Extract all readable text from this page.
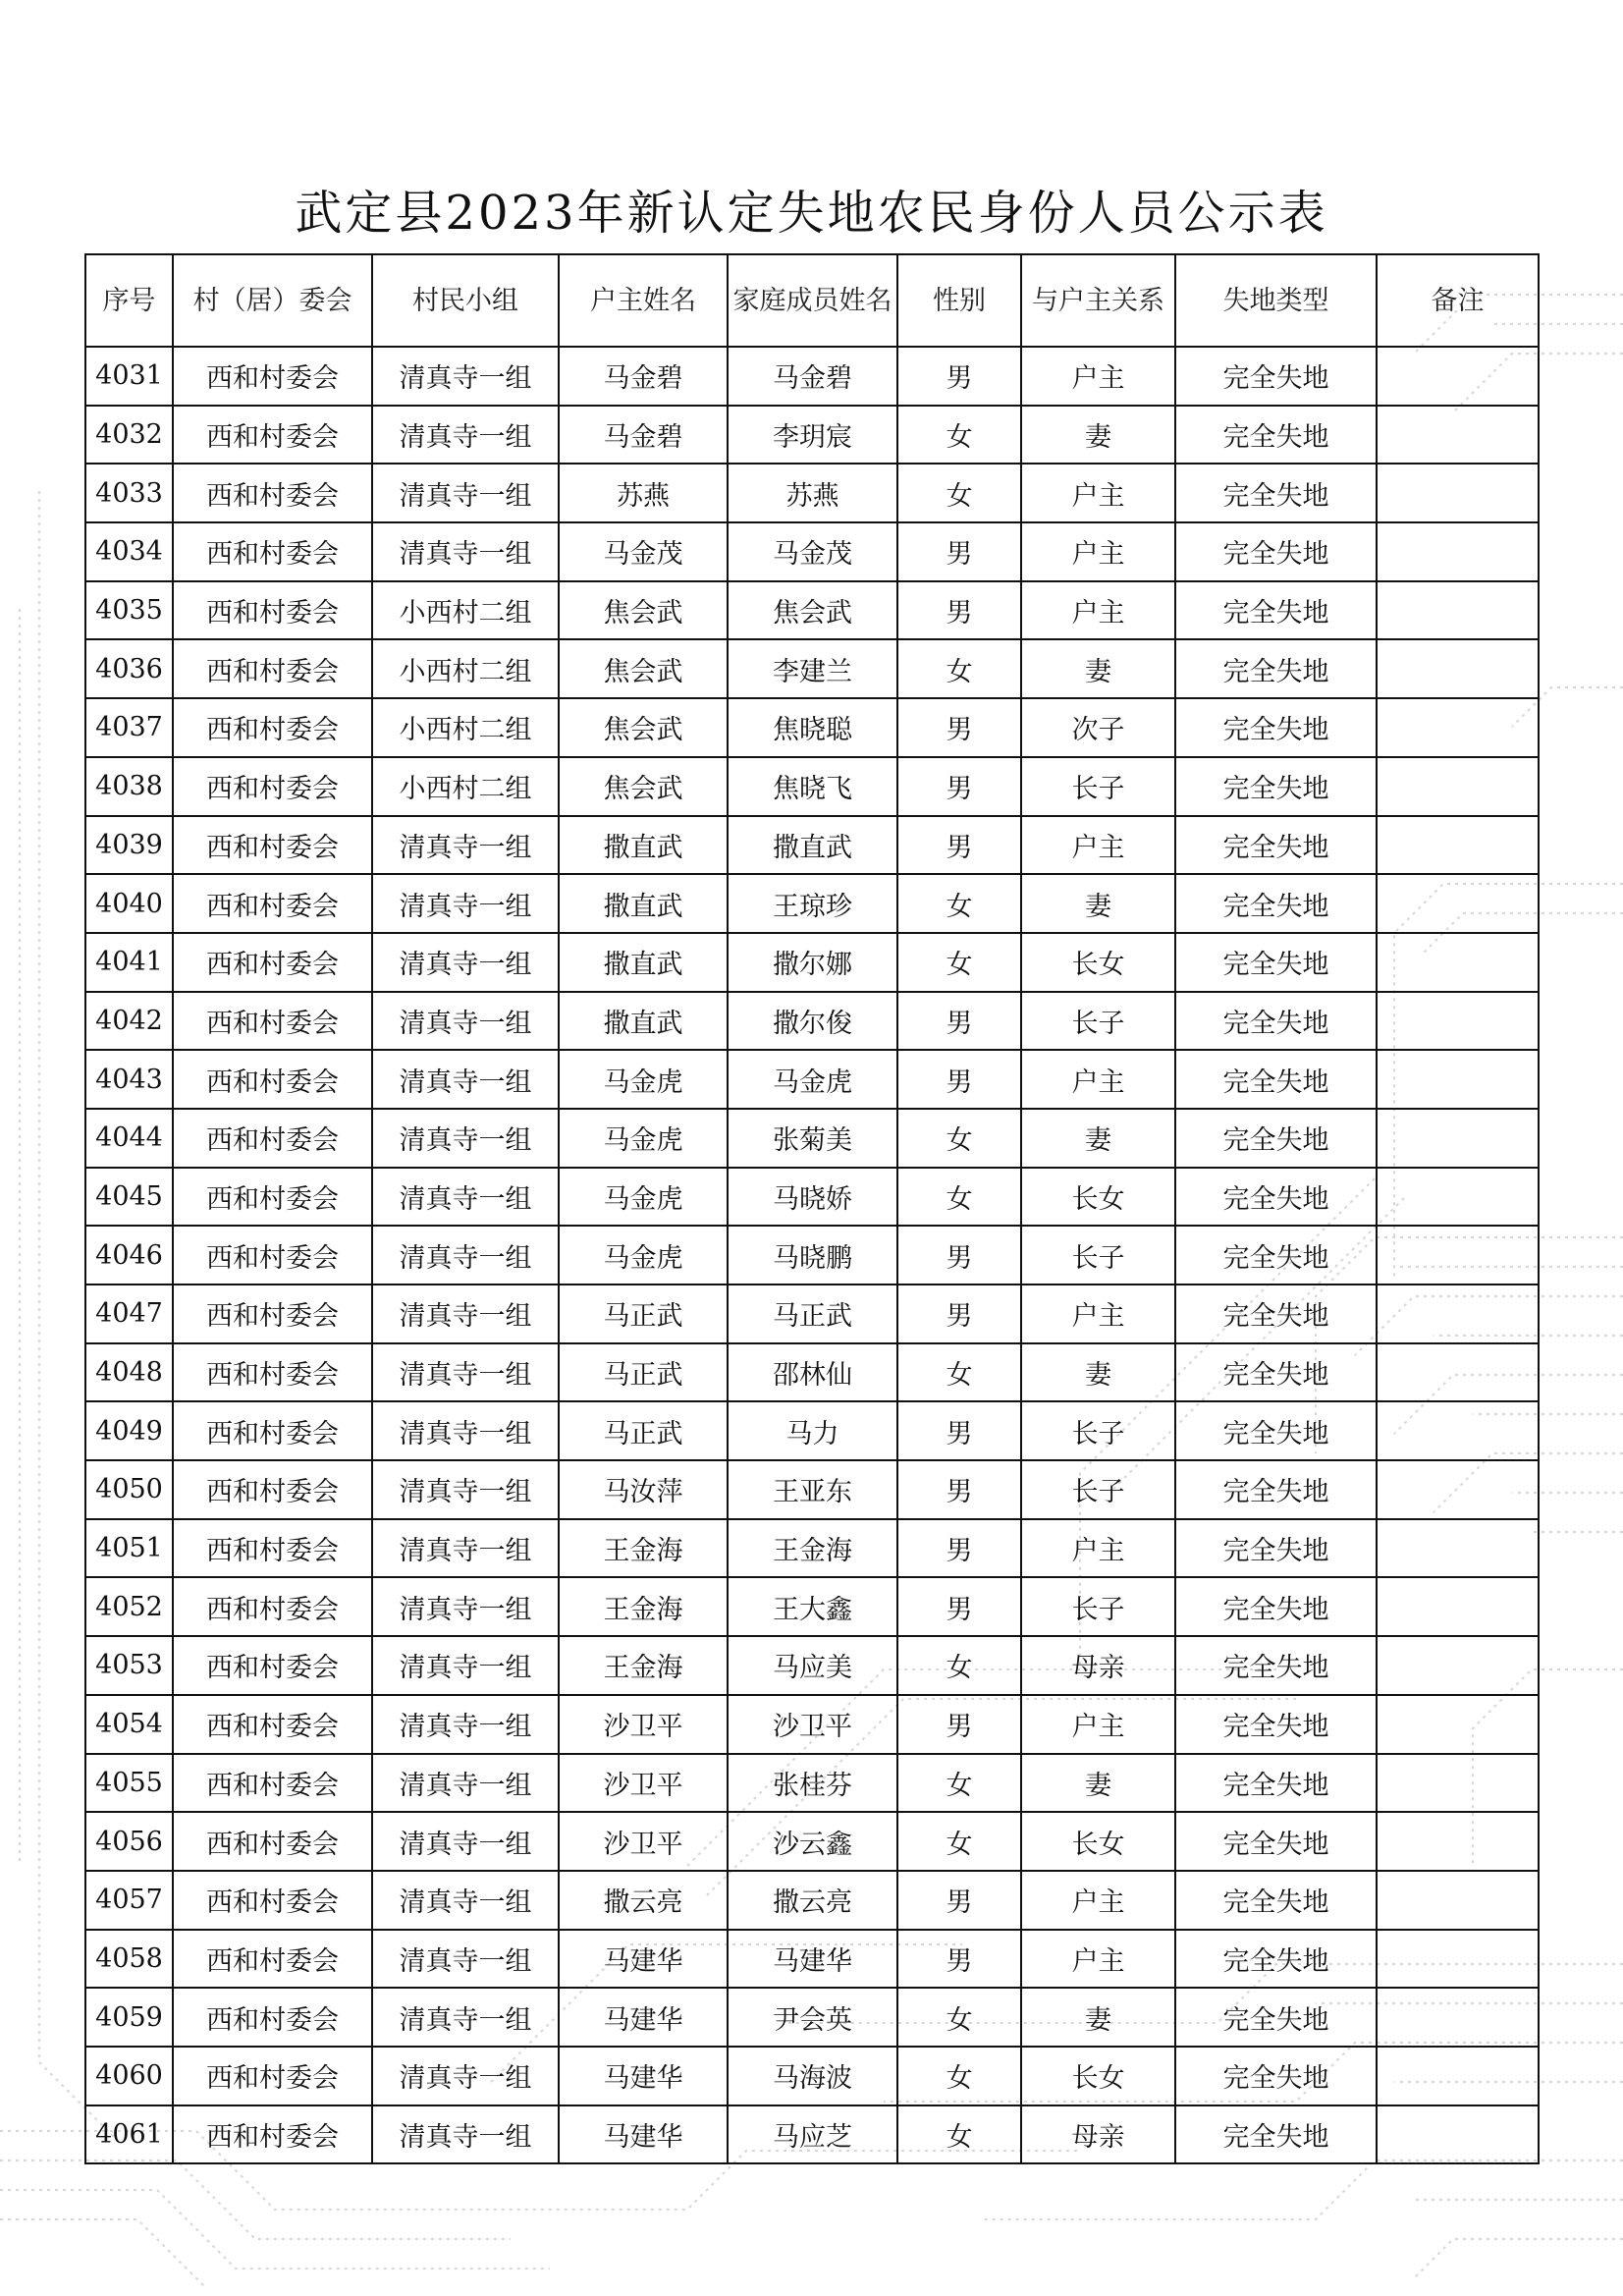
武定县2023年新认定失地农民身份人员公示表
序号	村（居）委会	村民小组	户主姓名	家庭成员姓名	性别	与户主关系	失地类型	备注
4031	西和村委会	清真寺一组	马金碧	马金碧	男	户主	完全失地	
4032	西和村委会	清真寺一组	马金碧	李玥宸	女	妻	完全失地	
4033	西和村委会	清真寺一组	苏燕	苏燕	女	户主	完全失地	
4034	西和村委会	清真寺一组	马金茂	马金茂	男	户主	完全失地	
4035	西和村委会	小西村二组	焦会武	焦会武	男	户主	完全失地	
4036	西和村委会	小西村二组	焦会武	李建兰	女	妻	完全失地	
4037	西和村委会	小西村二组	焦会武	焦晓聪	男	次子	完全失地	
4038	西和村委会	小西村二组	焦会武	焦晓飞	男	长子	完全失地	
4039	西和村委会	清真寺一组	撒直武	撒直武	男	户主	完全失地	
4040	西和村委会	清真寺一组	撒直武	王琼珍	女	妻	完全失地	
4041	西和村委会	清真寺一组	撒直武	撒尔娜	女	长女	完全失地	
4042	西和村委会	清真寺一组	撒直武	撒尔俊	男	长子	完全失地	
4043	西和村委会	清真寺一组	马金虎	马金虎	男	户主	完全失地	
4044	西和村委会	清真寺一组	马金虎	张菊美	女	妻	完全失地	
4045	西和村委会	清真寺一组	马金虎	马晓娇	女	长女	完全失地	
4046	西和村委会	清真寺一组	马金虎	马晓鹏	男	长子	完全失地	
4047	西和村委会	清真寺一组	马正武	马正武	男	户主	完全失地	
4048	西和村委会	清真寺一组	马正武	邵林仙	女	妻	完全失地	
4049	西和村委会	清真寺一组	马正武	马力	男	长子	完全失地	
4050	西和村委会	清真寺一组	马汝萍	王亚东	男	长子	完全失地	
4051	西和村委会	清真寺一组	王金海	王金海	男	户主	完全失地	
4052	西和村委会	清真寺一组	王金海	王大鑫	男	长子	完全失地	
4053	西和村委会	清真寺一组	王金海	马应美	女	母亲	完全失地	
4054	西和村委会	清真寺一组	沙卫平	沙卫平	男	户主	完全失地	
4055	西和村委会	清真寺一组	沙卫平	张桂芬	女	妻	完全失地	
4056	西和村委会	清真寺一组	沙卫平	沙云鑫	女	长女	完全失地	
4057	西和村委会	清真寺一组	撒云亮	撒云亮	男	户主	完全失地	
4058	西和村委会	清真寺一组	马建华	马建华	男	户主	完全失地	
4059	西和村委会	清真寺一组	马建华	尹会英	女	妻	完全失地	
4060	西和村委会	清真寺一组	马建华	马海波	女	长女	完全失地	
4061	西和村委会	清真寺一组	马建华	马应芝	女	母亲	完全失地	
